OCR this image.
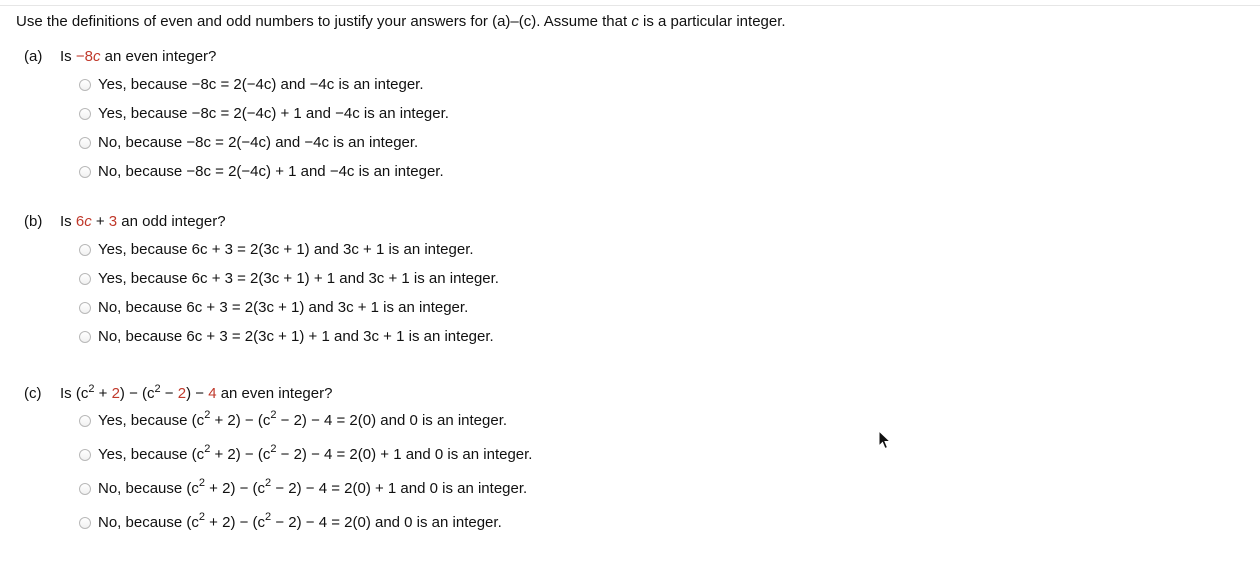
Use the definitions of even and odd numbers to justify your answers for (a)–(c). Assume that c is a particular integer.

(a) Is −8c an even integer?

Yes, because −8c = 2(−4c) and −4c is an integer.
Yes, because −8c = 2(−4c) + 1 and −4c is an integer.
No, because −8c = 2(−4c) and −4c is an integer.
No, because −8c = 2(−4c) + 1 and −4c is an integer.

(b) Is 6c + 3 an odd integer?

Yes, because 6c + 3 = 2(3c + 1) and 3c + 1 is an integer.
Yes, because 6c + 3 = 2(3c + 1) + 1 and 3c + 1 is an integer.
No, because 6c + 3 = 2(3c + 1) and 3c + 1 is an integer.
No, because 6c + 3 = 2(3c + 1) + 1 and 3c + 1 is an integer.

(c) Is $(c^2 + 2) - (c^2 - 2) - 4$ an even integer?

Yes, because $(c^2 + 2) - (c^2 - 2) - 4 = 2(0)$ and 0 is an integer.
Yes, because $(c^2 + 2) - (c^2 - 2) - 4 = 2(0) + 1$ and 0 is an integer.
No, because $(c^2 + 2) - (c^2 - 2) - 4 = 2(0) + 1$ and 0 is an integer.
No, because $(c^2 + 2) - (c^2 - 2) - 4 = 2(0)$ and 0 is an integer.
